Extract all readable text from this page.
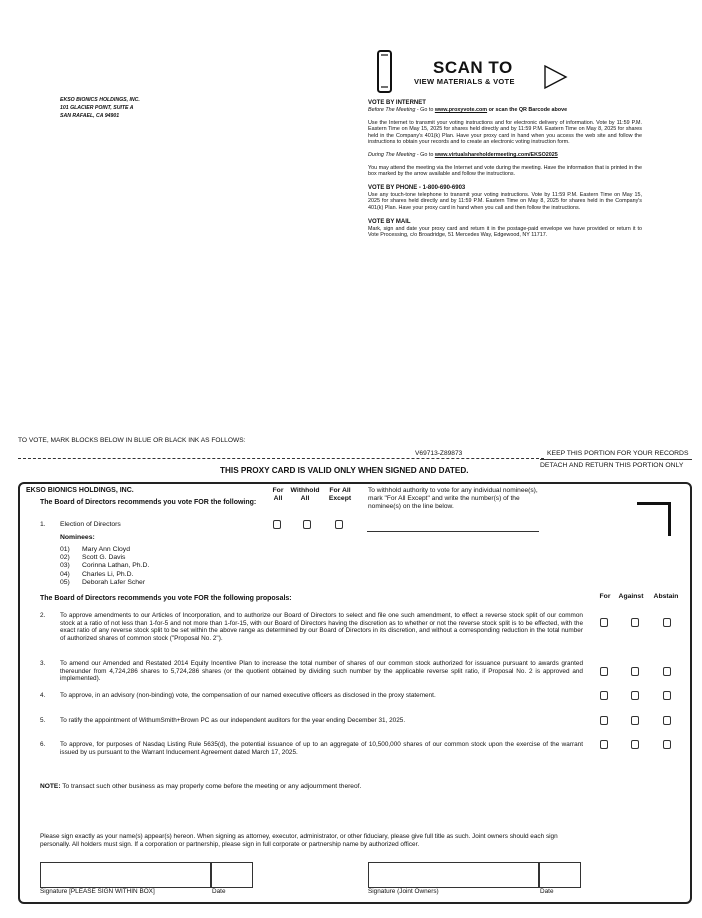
EKSO BIONICS HOLDINGS, INC.
101 GLACIER POINT, SUITE A
SAN RAFAEL, CA 94901
SCAN TO
VIEW MATERIALS & VOTE
VOTE BY INTERNET
Before The Meeting - Go to www.proxyvote.com or scan the QR Barcode above
Use the Internet to transmit your voting instructions and for electronic delivery of information. Vote by 11:59 P.M. Eastern Time on May 15, 2025 for shares held directly and by 11:59 P.M. Eastern Time on May 8, 2025 for shares held in the Company's 401(k) Plan. Have your proxy card in hand when you access the web site and follow the instructions to obtain your records and to create an electronic voting instruction form.
During The Meeting - Go to www.virtualshareholdermeeting.com/EKSO2025
You may attend the meeting via the Internet and vote during the meeting. Have the information that is printed in the box marked by the arrow available and follow the instructions.
VOTE BY PHONE - 1-800-690-6903
Use any touch-tone telephone to transmit your voting instructions. Vote by 11:59 P.M. Eastern Time on May 15, 2025 for shares held directly and by 11:59 P.M. Eastern Time on May 8, 2025 for shares held in the Company's 401(k) Plan. Have your proxy card in hand when you call and then follow the instructions.
VOTE BY MAIL
Mark, sign and date your proxy card and return it in the postage-paid envelope we have provided or return it to Vote Processing, c/o Broadridge, 51 Mercedes Way, Edgewood, NY 11717.
TO VOTE, MARK BLOCKS BELOW IN BLUE OR BLACK INK AS FOLLOWS:
V69713-Z89873	KEEP THIS PORTION FOR YOUR RECORDS
DETACH AND RETURN THIS PORTION ONLY
THIS PROXY CARD IS VALID ONLY WHEN SIGNED AND DATED.
EKSO BIONICS HOLDINGS, INC.
The Board of Directors recommends you vote FOR the following:
For
All
Withhold
All
For All
Except
To withhold authority to vote for any individual nominee(s), mark "For All Except" and write the number(s) of the nominee(s) on the line below.
1. Election of Directors
Nominees:
01) Mary Ann Cloyd
02) Scott G. Davis
03) Corinna Lathan, Ph.D.
04) Charles Li, Ph.D.
05) Deborah Lafer Scher
The Board of Directors recommends you vote FOR the following proposals:	For	Against	Abstain
2. To approve amendments to our Articles of Incorporation, and to authorize our Board of Directors to select and file one such amendment, to effect a reverse stock split of our common stock at a ratio of not less than 1-for-5 and not more than 1-for-15, with our Board of Directors having the discretion as to whether or not the reverse stock split is to be effected, with the exact ratio of any reverse stock split to be set within the above range as determined by our Board of Directors in its discretion, and without a corresponding reduction in the total number of authorized shares of common stock ("Proposal No. 2").
3. To amend our Amended and Restated 2014 Equity Incentive Plan to increase the total number of shares of our common stock authorized for issuance pursuant to awards granted thereunder from 4,724,286 shares to 5,724,286 shares (or the quotient obtained by dividing such number by the applicable reverse split ratio, if Proposal No. 2 is approved and implemented).
4. To approve, in an advisory (non-binding) vote, the compensation of our named executive officers as disclosed in the proxy statement.
5. To ratify the appointment of WithumSmith+Brown PC as our independent auditors for the year ending December 31, 2025.
6. To approve, for purposes of Nasdaq Listing Rule 5635(d), the potential issuance of up to an aggregate of 10,500,000 shares of our common stock upon the exercise of the warrant issued by us pursuant to the Warrant Inducement Agreement dated March 17, 2025.
NOTE: To transact such other business as may properly come before the meeting or any adjournment thereof.
Please sign exactly as your name(s) appear(s) hereon. When signing as attorney, executor, administrator, or other fiduciary, please give full title as such. Joint owners should each sign personally. All holders must sign. If a corporation or partnership, please sign in full corporate or partnership name by authorized officer.
Signature [PLEASE SIGN WITHIN BOX]	Date	Signature (Joint Owners)	Date
